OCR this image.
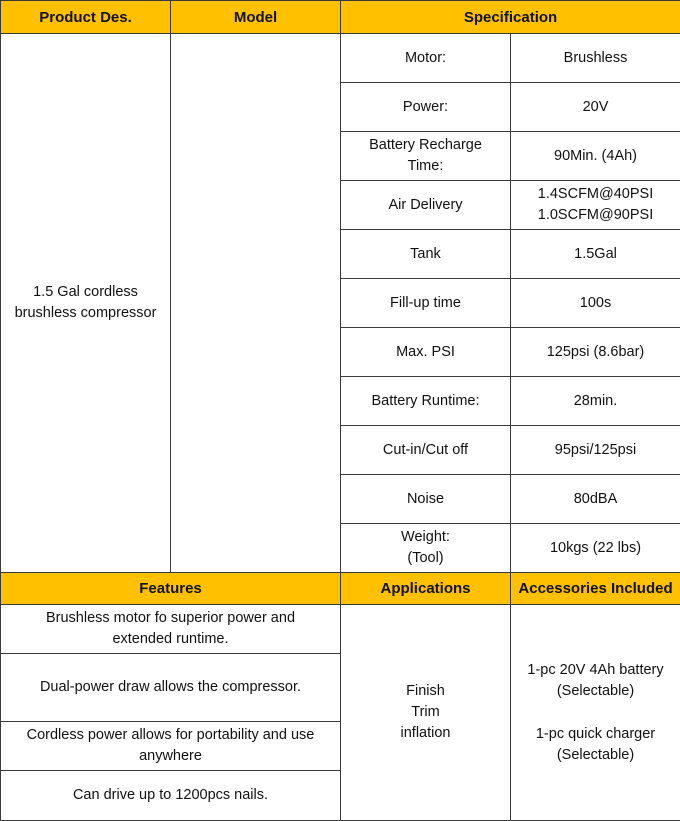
Product Des.	Model	Specification	

1.5 Gal cordless
brushless compressor		Motor:	Brushless

		Power:	20V

		Battery Recharge
Time:	90Min. (4Ah)

		Air Delivery	1.4SCFM@40PSI
1.0SCFM@90PSI

		Tank	1.5Gal

		Fill-up time	100s

		Max. PSI	125psi (8.6bar)

		Battery Runtime:	28min.

		Cut-in/Cut off	95psi/125psi

		Noise	80dBA

		Weight:
(Tool)	10kgs (22 lbs)

Features		Applications	Accessories Included

Brushless motor fo superior power and
extended runtime.		Finish
Trim
inflation	1-pc 20V 4Ah battery
(Selectable)
1-pc quick charger
(Selectable)

Dual-power draw allows the compressor.			

Cordless power allows for portability and use
anywhere			

Can drive up to 1200pcs nails.			
